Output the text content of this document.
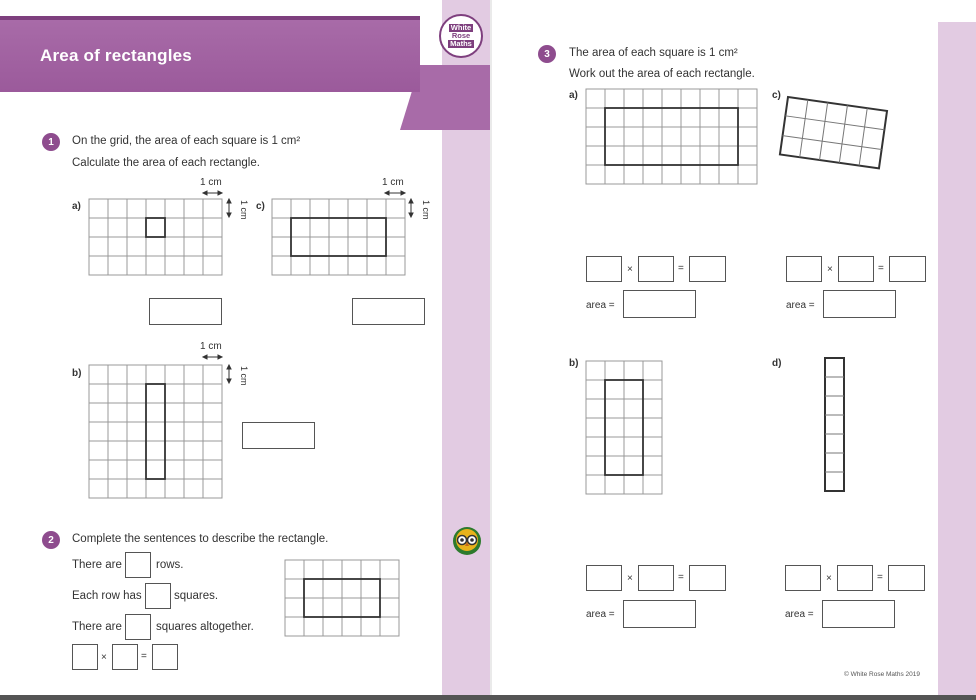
Area of rectangles
White
Rose
Maths
1	On the grid, the area of each square is 1 cm²
Calculate the area of each rectangle.
a)	c)
b)
1 cm	1 cm
1 cm
1 cm	1 cm
1 cm
2	Complete the sentences to describe the rectangle.
There are	rows.
Each row has	squares.
There are	squares altogether.
×	=
3	The area of each square is 1 cm²
Work out the area of each rectangle.
a)	c)
b)	d)
×	=
area =
×	=
area =
×	=
area =
×	=
area =
© White Rose Maths 2019
